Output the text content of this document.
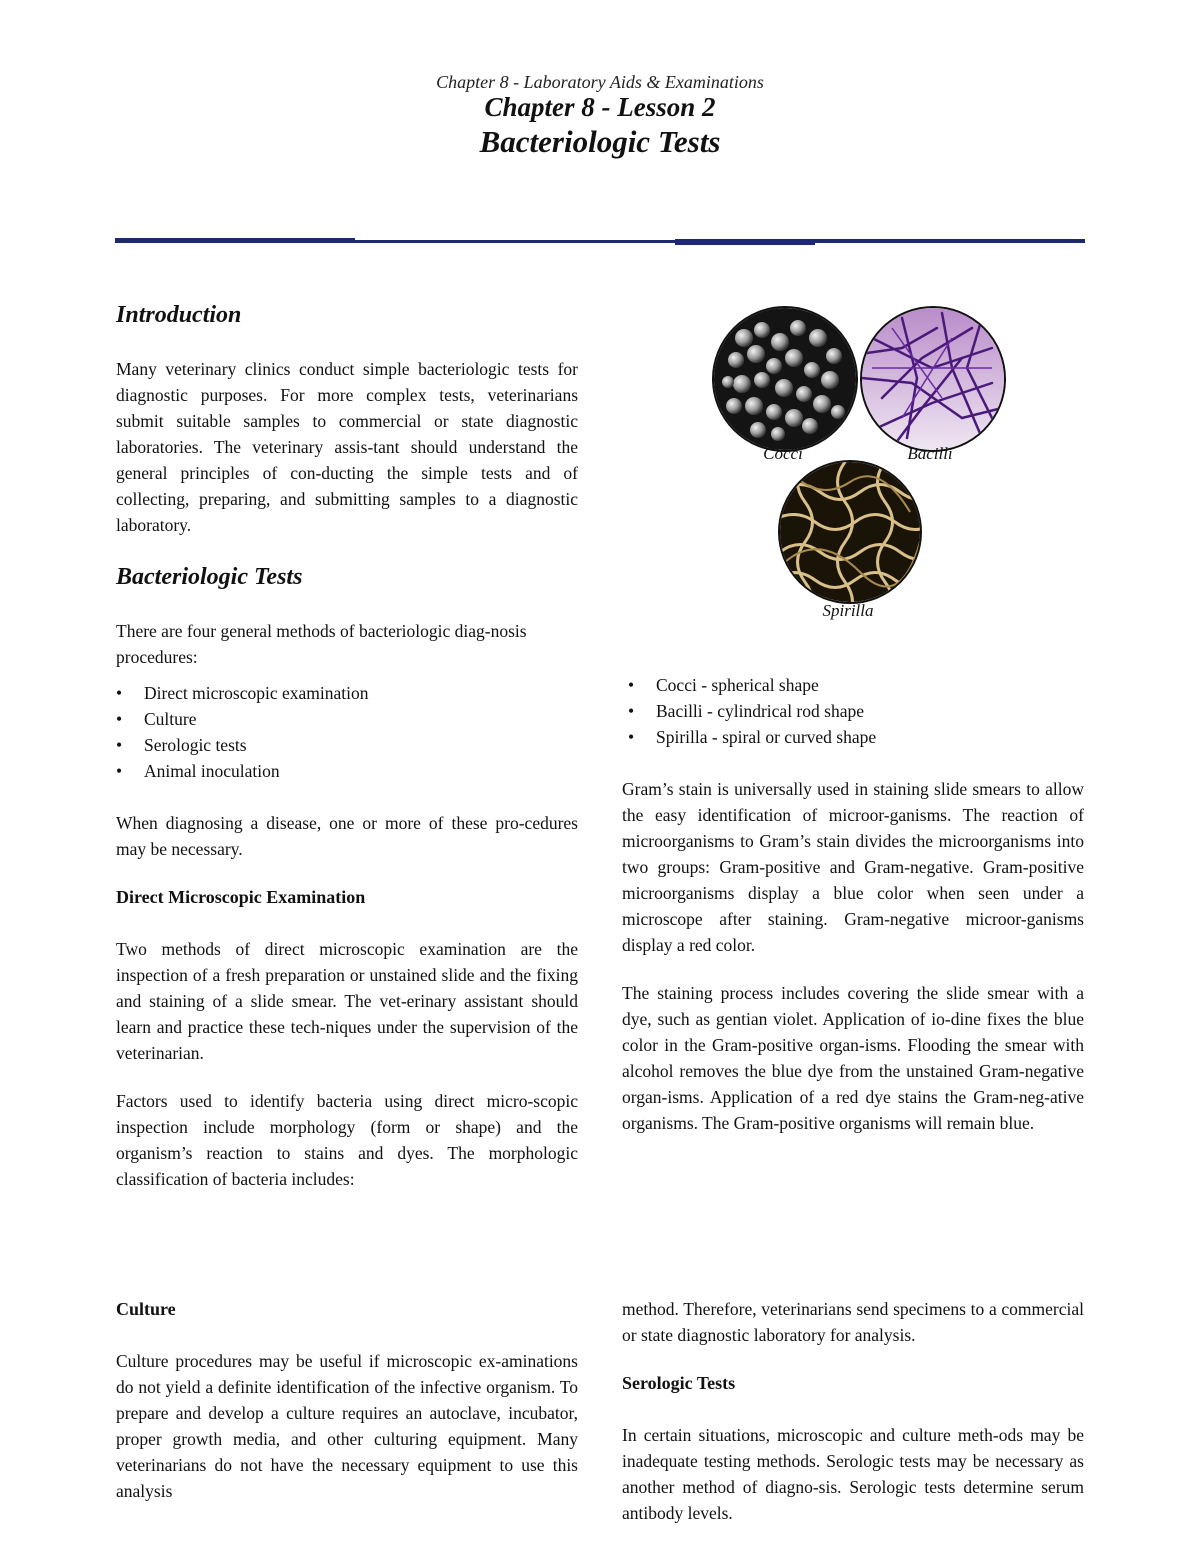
Chapter 8 - Laboratory Aids & Examinations
Chapter 8 - Lesson 2
Bacteriologic Tests
Introduction

Many veterinary clinics conduct simple bacteriologic tests for diagnostic purposes. For more complex tests, veterinarians submit suitable samples to commercial or state diagnostic laboratories. The veterinary assis-tant should understand the general principles of con-ducting the simple tests and of collecting, preparing, and submitting samples to a diagnostic laboratory.

Bacteriologic Tests

There are four general methods of bacteriologic diag-nosis procedures:

• Direct microscopic examination
• Culture
• Serologic tests
• Animal inoculation

When diagnosing a disease, one or more of these pro-cedures may be necessary.

Direct Microscopic Examination

Two methods of direct microscopic examination are the inspection of a fresh preparation or unstained slide and the fixing and staining of a slide smear. The vet-erinary assistant should learn and practice these tech-niques under the supervision of the veterinarian.

Factors used to identify bacteria using direct micro-scopic inspection include morphology (form or shape) and the organism’s reaction to stains and dyes. The morphologic classification of bacteria includes:

Cocci	Bacilli
Spirilla
• Cocci - spherical shape
• Bacilli - cylindrical rod shape
• Spirilla - spiral or curved shape

Gram’s stain is universally used in staining slide smears to allow the easy identification of microor-ganisms. The reaction of microorganisms to Gram’s stain divides the microorganisms into two groups: Gram-positive and Gram-negative. Gram-positive microorganisms display a blue color when seen under a microscope after staining. Gram-negative microor-ganisms display a red color.

The staining process includes covering the slide smear with a dye, such as gentian violet. Application of io-dine fixes the blue color in the Gram-positive organ-isms. Flooding the smear with alcohol removes the blue dye from the unstained Gram-negative organ-isms. Application of a red dye stains the Gram-neg-ative organisms. The Gram-positive organisms will remain blue.

Culture

Culture procedures may be useful if microscopic ex-aminations do not yield a definite identification of the infective organism. To prepare and develop a culture requires an autoclave, incubator, proper growth media, and other culturing equipment. Many veterinarians do not have the necessary equipment to use this analysis

method. Therefore, veterinarians send specimens to a commercial or state diagnostic laboratory for analysis.

Serologic Tests

In certain situations, microscopic and culture meth-ods may be inadequate testing methods. Serologic tests may be necessary as another method of diagno-sis. Serologic tests determine serum antibody levels.
